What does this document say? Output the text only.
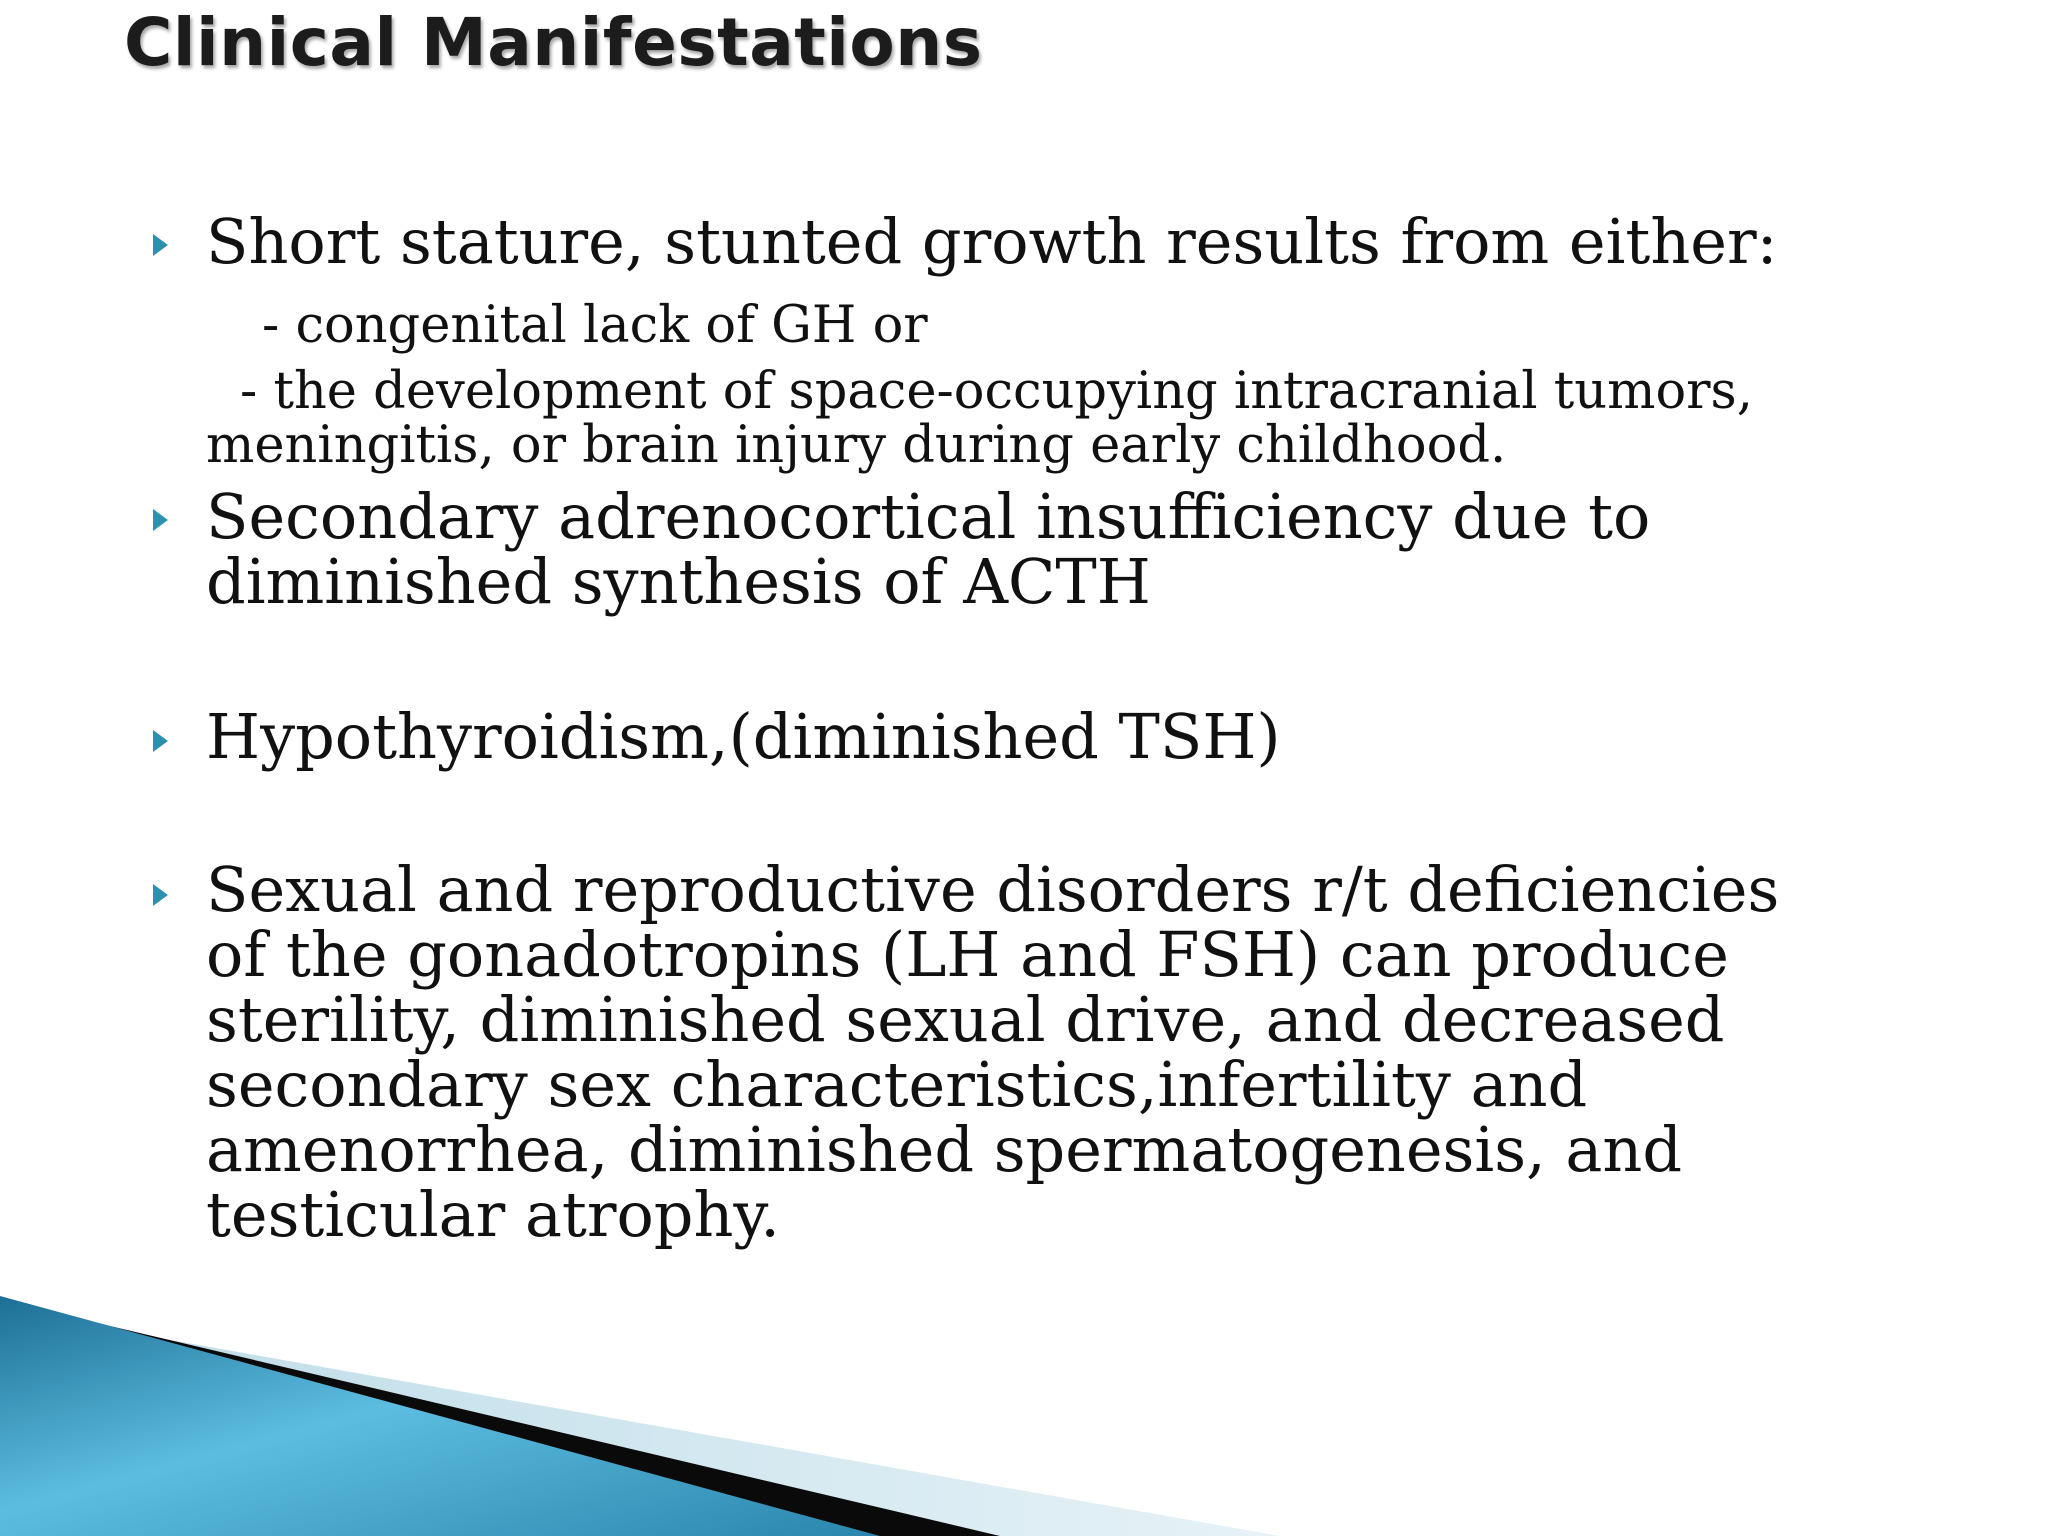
Clinical Manifestations
Short stature, stunted growth results from either:
- congenital lack of GH or
- the development of space-occupying intracranial tumors,
meningitis, or brain injury during early childhood.
Secondary adrenocortical insufficiency due to
diminished synthesis of ACTH
Hypothyroidism,(diminished TSH)
Sexual and reproductive disorders r/t deficiencies
of the gonadotropins (LH and FSH) can produce
sterility, diminished sexual drive, and decreased
secondary sex characteristics,infertility and
amenorrhea, diminished spermatogenesis, and
testicular atrophy.
